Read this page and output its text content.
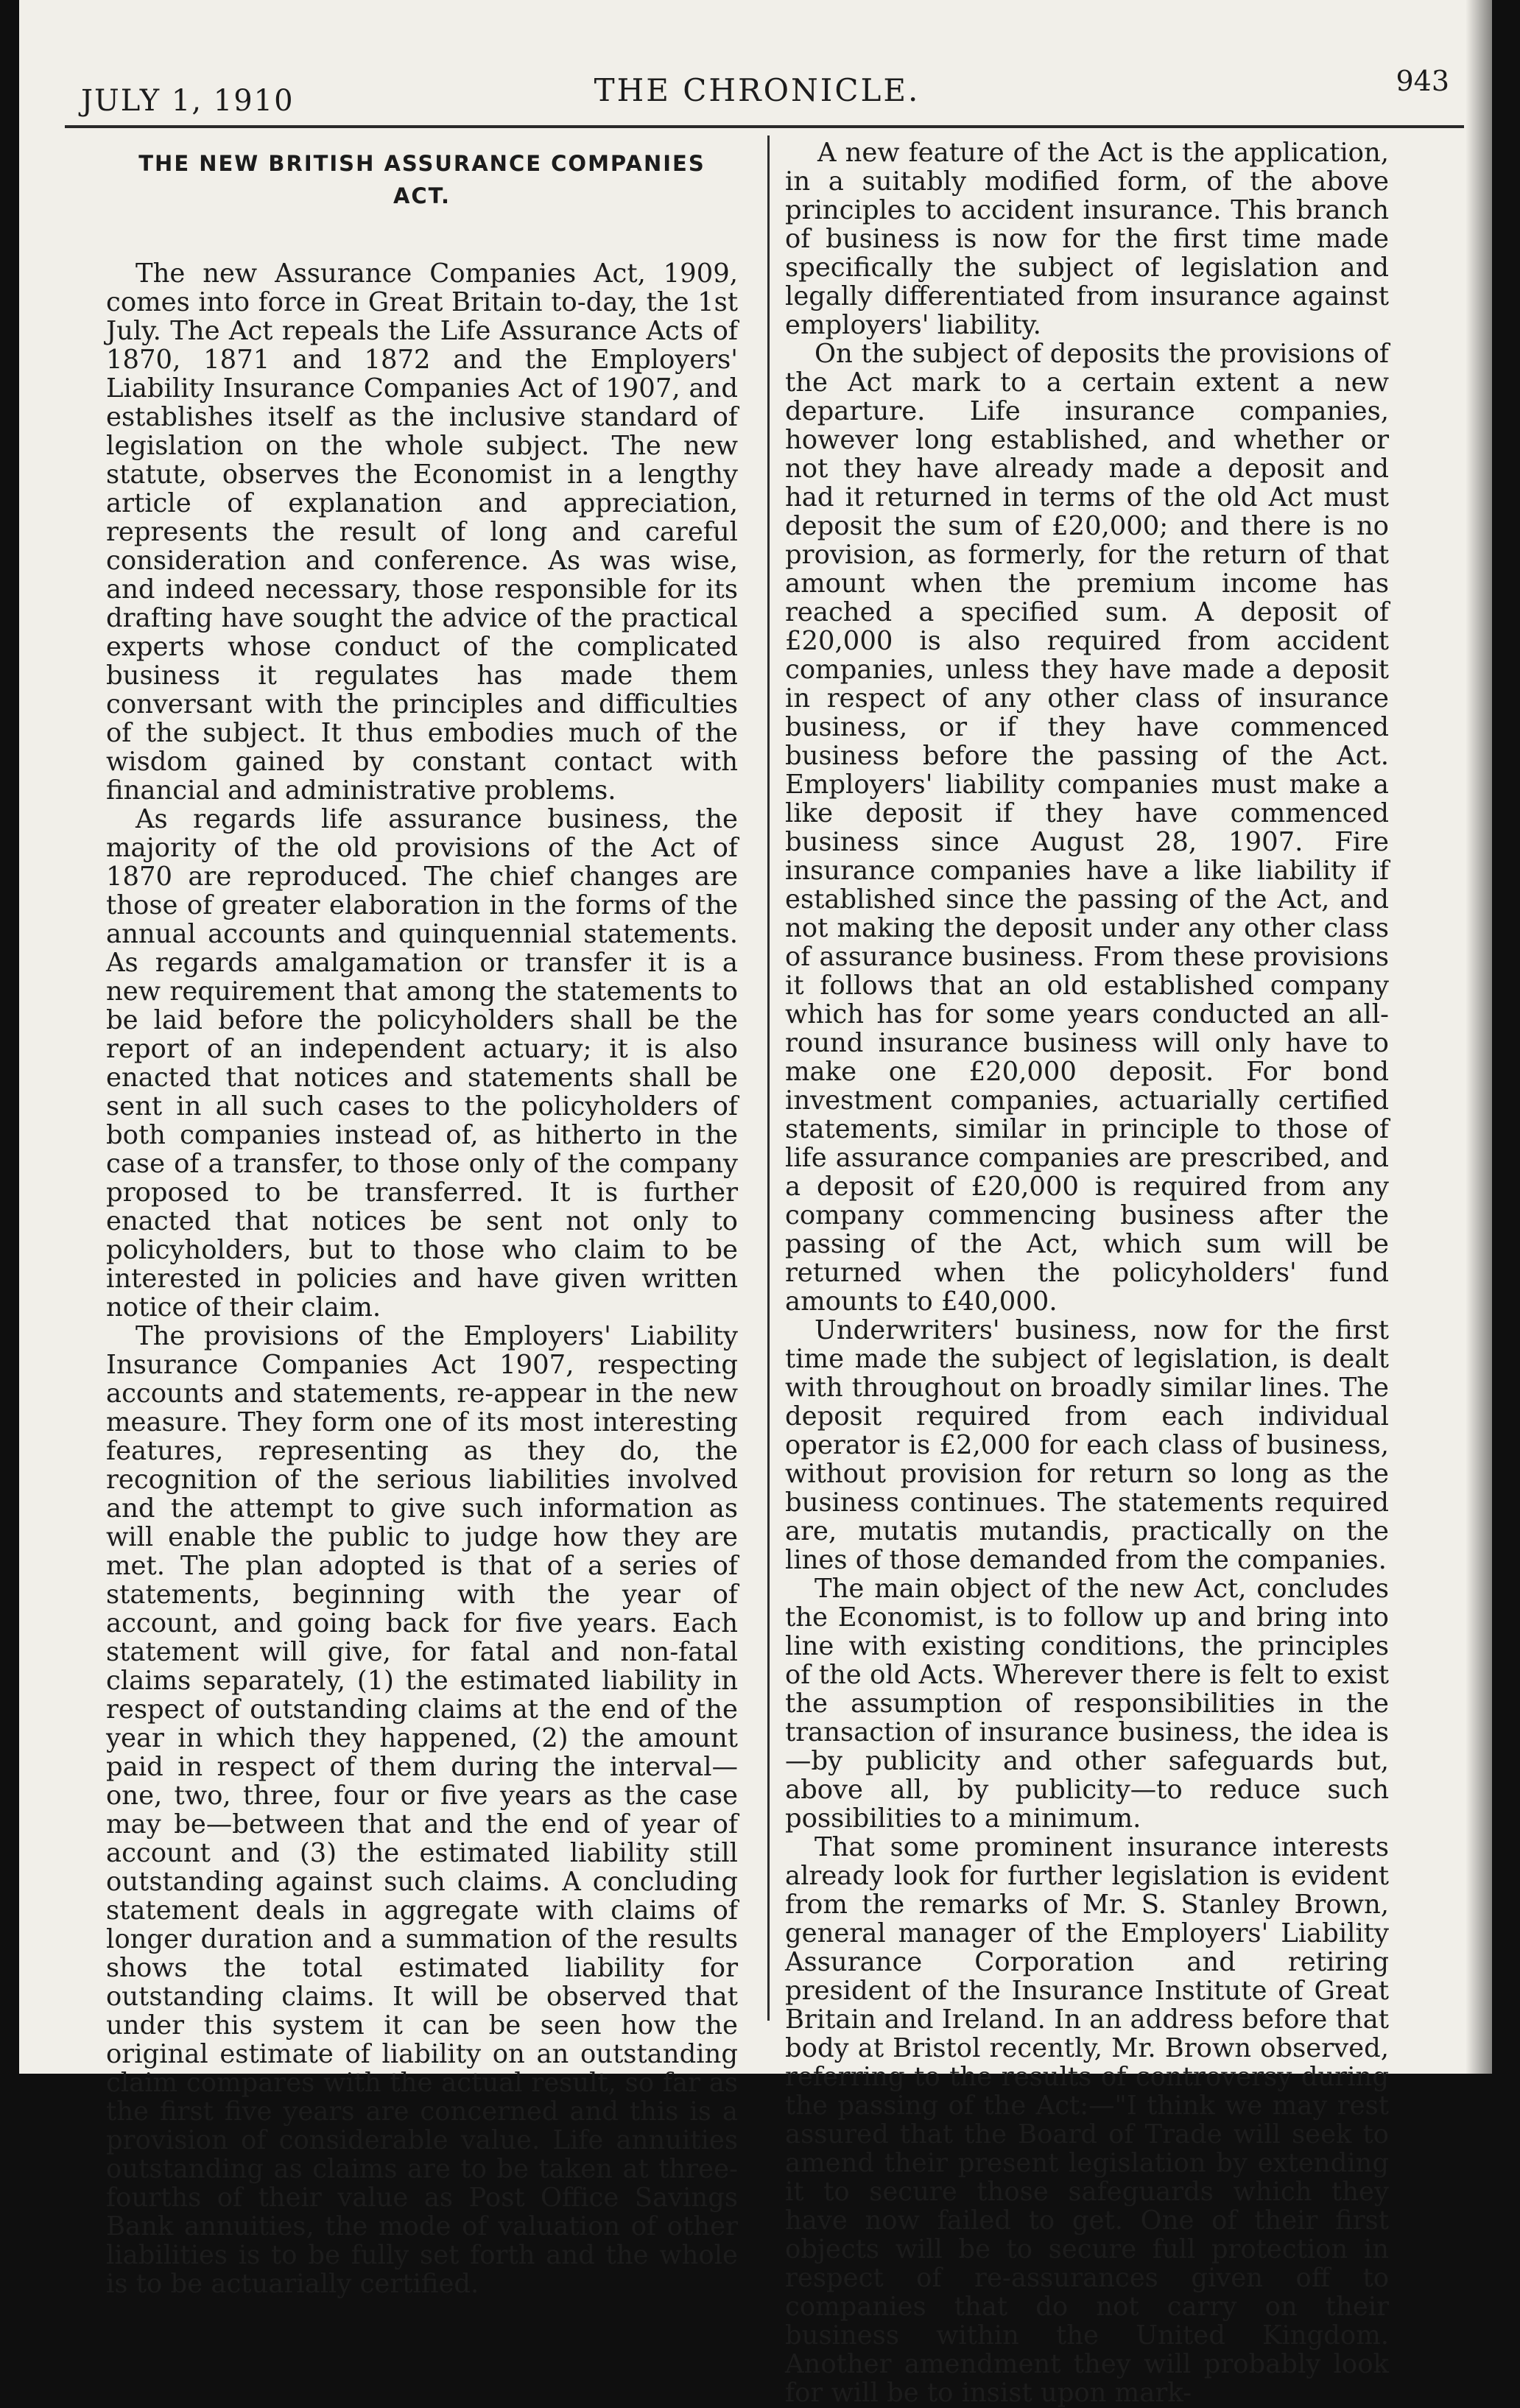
JULY 1, 1910	THE CHRONICLE.	943
THE NEW BRITISH ASSURANCE COMPANIES ACT.

The new Assurance Companies Act, 1909, comes into force in Great Britain to-day, the 1st July. The Act repeals the Life Assurance Acts of 1870, 1871 and 1872 and the Employers' Liability Insurance Companies Act of 1907, and establishes itself as the inclusive standard of legislation on the whole subject. The new statute, observes the Economist in a lengthy article of explanation and appreciation, represents the result of long and careful consideration and conference. As was wise, and indeed necessary, those responsible for its drafting have sought the advice of the practical experts whose conduct of the complicated business it regulates has made them conversant with the principles and difficulties of the subject. It thus embodies much of the wisdom gained by constant contact with financial and administrative problems.

As regards life assurance business, the majority of the old provisions of the Act of 1870 are reproduced. The chief changes are those of greater elaboration in the forms of the annual accounts and quinquennial statements. As regards amalgamation or transfer it is a new requirement that among the statements to be laid before the policyholders shall be the report of an independent actuary; it is also enacted that notices and statements shall be sent in all such cases to the policyholders of both companies instead of, as hitherto in the case of a transfer, to those only of the company proposed to be transferred. It is further enacted that notices be sent not only to policyholders, but to those who claim to be interested in policies and have given written notice of their claim.

The provisions of the Employers' Liability Insurance Companies Act 1907, respecting accounts and statements, re-appear in the new measure. They form one of its most interesting features, representing as they do, the recognition of the serious liabilities involved and the attempt to give such information as will enable the public to judge how they are met. The plan adopted is that of a series of statements, beginning with the year of account, and going back for five years. Each statement will give, for fatal and non-fatal claims separately, (1) the estimated liability in respect of outstanding claims at the end of the year in which they happened, (2) the amount paid in respect of them during the interval—one, two, three, four or five years as the case may be—between that and the end of year of account and (3) the estimated liability still outstanding against such claims. A concluding statement deals in aggregate with claims of longer duration and a summation of the results shows the total estimated liability for outstanding claims. It will be observed that under this system it can be seen how the original estimate of liability on an outstanding claim compares with the actual result, so far as the first five years are concerned and this is a provision of considerable value. Life annuities outstanding as claims are to be taken at three-fourths of their value as Post Office Savings Bank annuities, the mode of valuation of other liabilities is to be fully set forth and the whole is to be actuarially certified.

A new feature of the Act is the application, in a suitably modified form, of the above principles to accident insurance. This branch of business is now for the first time made specifically the subject of legislation and legally differentiated from insurance against employers' liability.

On the subject of deposits the provisions of the Act mark to a certain extent a new departure. Life insurance companies, however long established, and whether or not they have already made a deposit and had it returned in terms of the old Act must deposit the sum of £20,000; and there is no provision, as formerly, for the return of that amount when the premium income has reached a specified sum. A deposit of £20,000 is also required from accident companies, unless they have made a deposit in respect of any other class of insurance business, or if they have commenced business before the passing of the Act. Employers' liability companies must make a like deposit if they have commenced business since August 28, 1907. Fire insurance companies have a like liability if established since the passing of the Act, and not making the deposit under any other class of assurance business. From these provisions it follows that an old established company which has for some years conducted an all-round insurance business will only have to make one £20,000 deposit. For bond investment companies, actuarially certified statements, similar in principle to those of life assurance companies are prescribed, and a deposit of £20,000 is required from any company commencing business after the passing of the Act, which sum will be returned when the policyholders' fund amounts to £40,000.

Underwriters' business, now for the first time made the subject of legislation, is dealt with throughout on broadly similar lines. The deposit required from each individual operator is £2,000 for each class of business, without provision for return so long as the business continues. The statements required are, mutatis mutandis, practically on the lines of those demanded from the companies.

The main object of the new Act, concludes the Economist, is to follow up and bring into line with existing conditions, the principles of the old Acts. Wherever there is felt to exist the assumption of responsibilities in the transaction of insurance business, the idea is—by publicity and other safeguards but, above all, by publicity—to reduce such possibilities to a minimum.

That some prominent insurance interests already look for further legislation is evident from the remarks of Mr. S. Stanley Brown, general manager of the Employers' Liability Assurance Corporation and retiring president of the Insurance Institute of Great Britain and Ireland. In an address before that body at Bristol recently, Mr. Brown observed, referring to the results of controversy during the passing of the Act:—"I think we may rest assured that the Board of Trade will seek to amend their present legislation by extending it to secure those safeguards which they have now failed to get. One of their first objects will be to secure full protection in respect of re-assurances given off to companies that do not carry on their business within the United Kingdom. Another amendment they will probably look for will be to insist upon mark-
